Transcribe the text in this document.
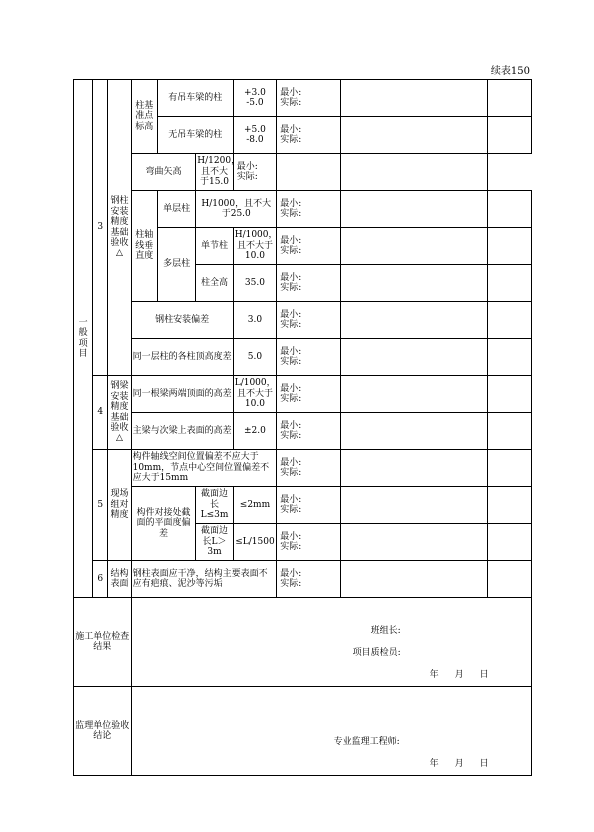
续表150
一般项目	3	钢柱安装精度基础验收△	柱基准点标高	有吊车梁的柱		+3.0
-5.0	最小:
实际:		
				无吊车梁的柱		+5.0
-8.0	最小:
实际:		
			弯曲矢高		H/1200，且不大于15.0	最小:
实际:			
			柱轴线垂直度	单层柱	H/1000，且不大于25.0		最小:
实际:		
				多层柱	单节柱	H/1000，且不大于10.0	最小:
实际:		
					柱全高	35.0	最小:
实际:		
			钢柱安装偏差			3.0	最小:
实际:		
			同一层柱的各柱顶高度差			5.0	最小:
实际:		
	4	钢梁安装精度基础验收△	同一根梁两端顶面的高差			L/1000，且不大于10.0	最小:
实际:		
			主梁与次梁上表面的高差			±2.0	最小:
实际:		
	5	现场组对精度	构件轴线空间位置偏差不应大于10mm，节点中心空间位置偏差不应大于15mm				最小:
实际:		
			构件对接处截面的平面度偏差		截面边长L≤3m	≤2mm	最小:
实际:		
					截面边长L＞3m	≤L/1500	最小:
实际:		
	6	结构表面	钢柱表面应干净，结构主要表面不应有疤痕、泥沙等污垢				最小:
实际:		
施工单位检查结果			班组长:
项目质检员:
年 月 日						

监理单位验收结论			专业监理工程师:
年 月 日						
